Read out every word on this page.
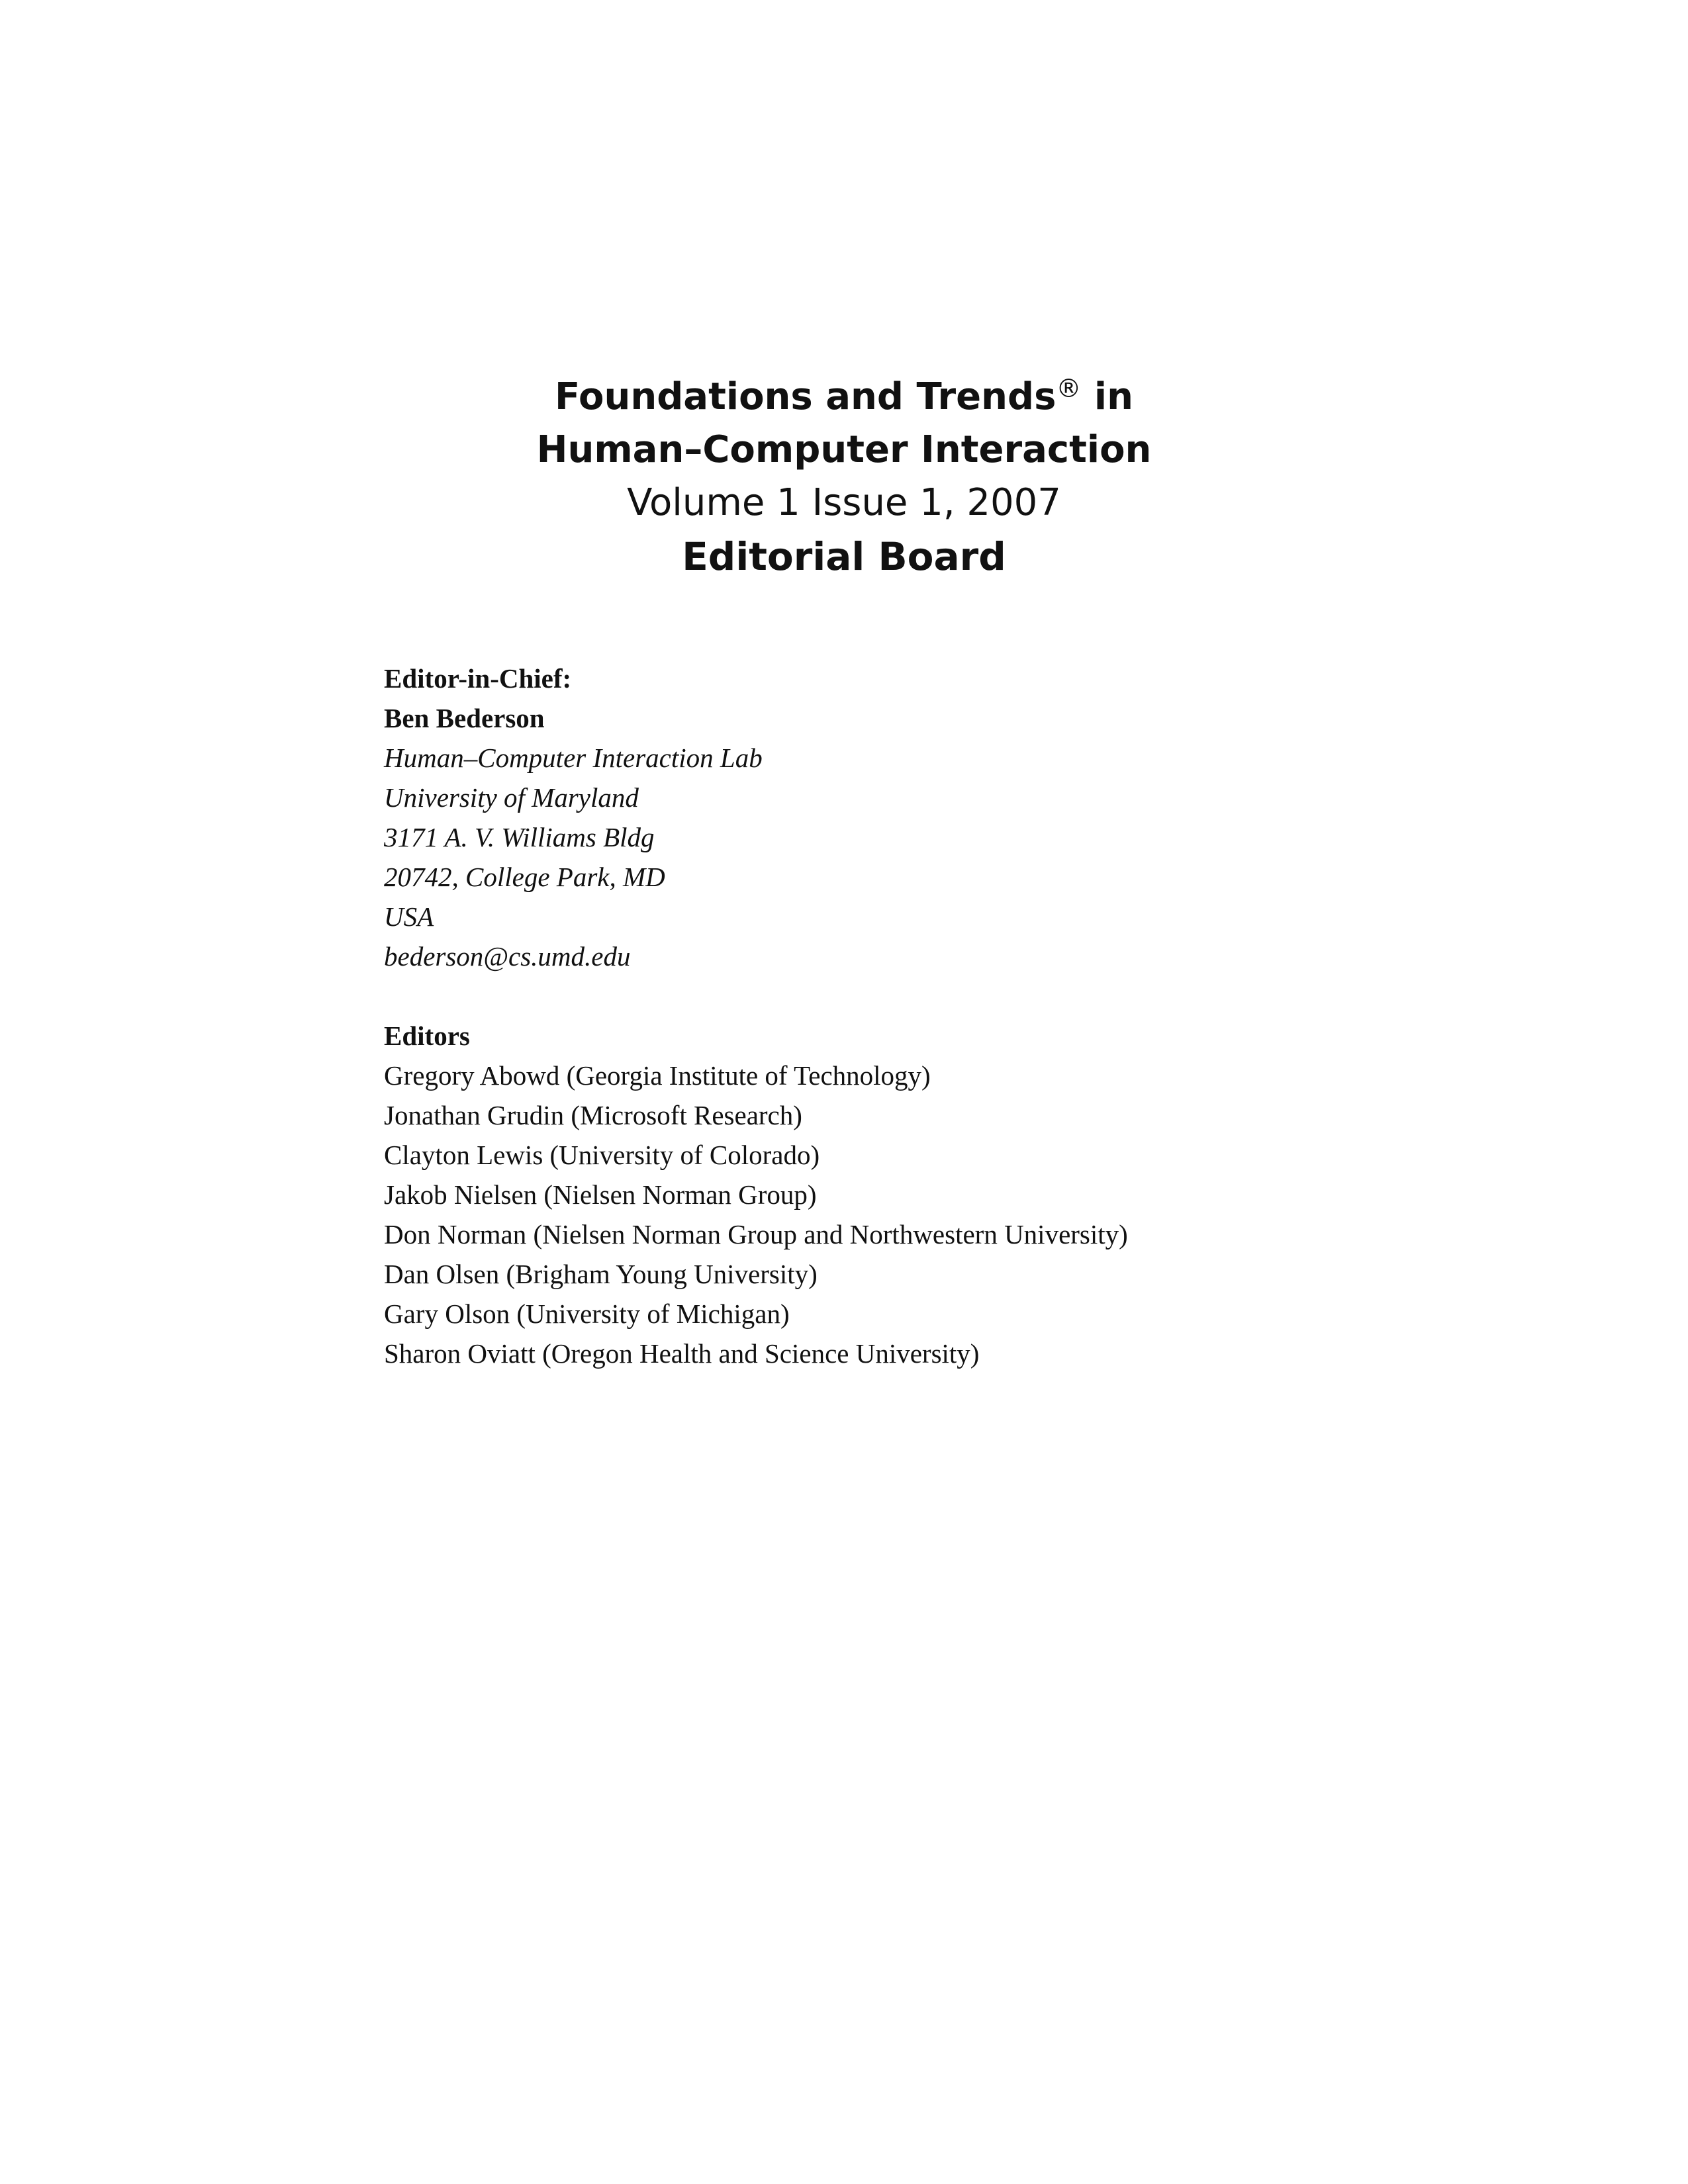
Foundations and Trends® in
Human–Computer Interaction
Volume 1 Issue 1, 2007
Editorial Board
Editor-in-Chief:
Ben Bederson
Human–Computer Interaction Lab
University of Maryland
3171 A. V. Williams Bldg
20742, College Park, MD
USA
bederson@cs.umd.edu
Editors
Gregory Abowd (Georgia Institute of Technology)
Jonathan Grudin (Microsoft Research)
Clayton Lewis (University of Colorado)
Jakob Nielsen (Nielsen Norman Group)
Don Norman (Nielsen Norman Group and Northwestern University)
Dan Olsen (Brigham Young University)
Gary Olson (University of Michigan)
Sharon Oviatt (Oregon Health and Science University)
